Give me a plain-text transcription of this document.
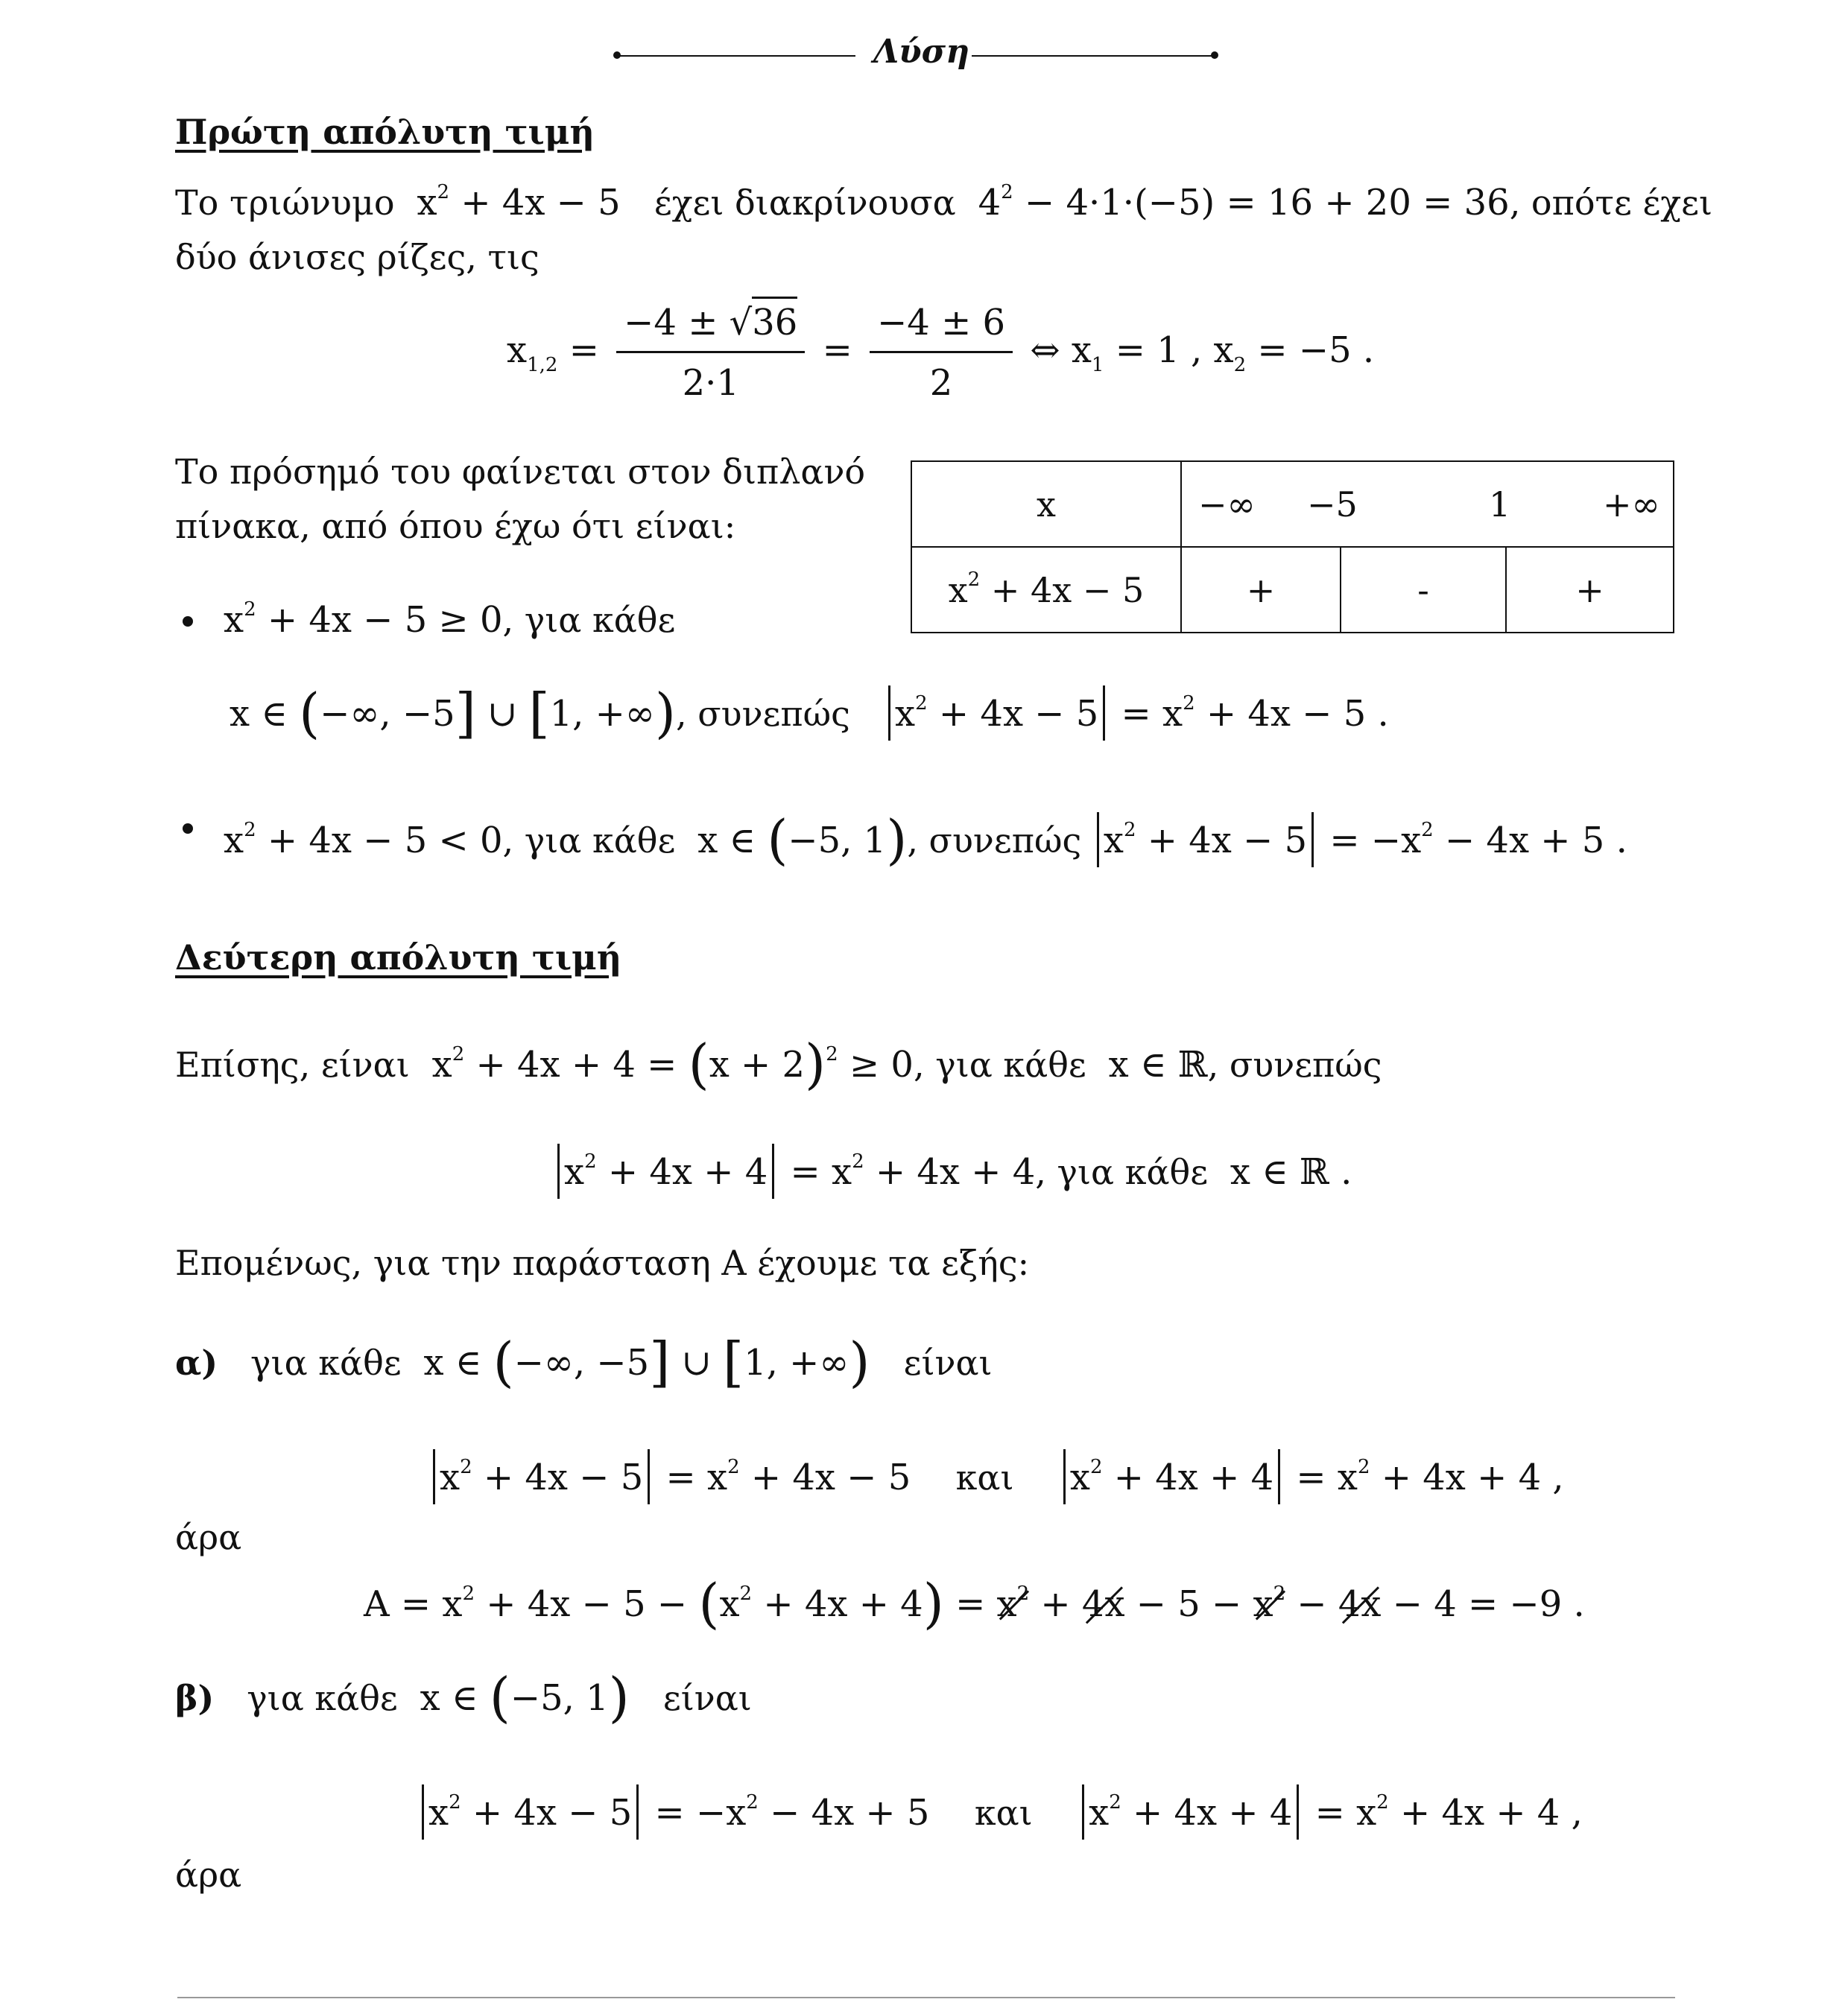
Λύση
Πρώτη απόλυτη τιμή
Το τριώνυμο  $x^2 + 4x - 5$   έχει διακρίνουσα  $4^2 - 4\cdot 1\cdot(-5) = 16 + 20 = 36$, οπότε έχει
δύο άνισες ρίζες, τις
$x_{1,2} = \frac{-4 \pm √36}{2\cdot 1} = \frac{-4 \pm 6}{2}$ ⇔ $x_1 = 1$ , $x_2 = -5$ .
Το πρόσημό του φαίνεται στον διπλανό
πίνακα, από όπου έχω ότι είναι:
x	−∞ −5 1 +∞		

$x^2 + 4x - 5$	+	-	+
$x^2 + 4x - 5 \ge 0$, για κάθε
x ∈ (−∞, −5] ∪ [1, +∞), συνεπώς $x^2 + 4x - 5 = x^2 + 4x - 5$ .
$x^2 + 4x - 5 < 0$, για κάθε  x ∈ (−5, 1), συνεπώς $x^2 + 4x - 5 = -x^2 - 4x + 5$ .
Δεύτερη απόλυτη τιμή
Επίσης, είναι  $x^2 + 4x + 4 = (x + 2)^2 \ge 0$, για κάθε  x ∈ ℝ, συνεπώς
$x^2 + 4x + 4 = x^2 + 4x + 4$, για κάθε  x ∈ ℝ .
Επομένως, για την παράσταση Α έχουμε τα εξής:
α) για κάθε  x ∈ (−∞, −5] ∪ [1, +∞) είναι
$x^2 + 4x - 5 = x^2 + 4x - 5$    και $x^2 + 4x + 4 = x^2 + 4x + 4$ ,
άρα
$A = x^2 + 4x - 5 - (x^2 + 4x + 4) = x^2 + 4x - 5 - x^2 - 4x - 4 = -9$ .
β) για κάθε  x ∈ (−5, 1) είναι
$x^2 + 4x - 5 = -x^2 - 4x + 5$    και $x^2 + 4x + 4 = x^2 + 4x + 4$ ,
άρα
